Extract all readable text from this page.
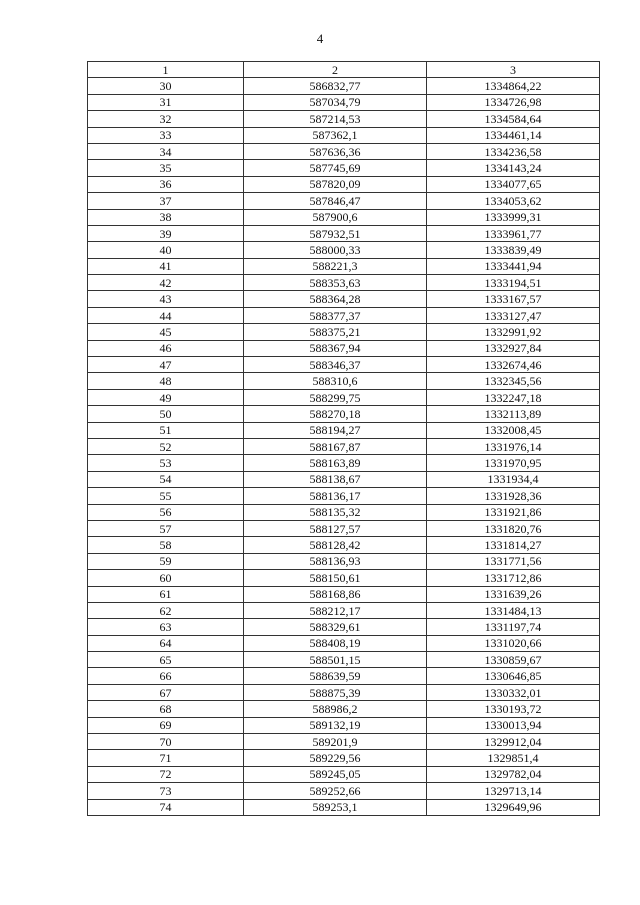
4
1	2	3
30	586832,77	1334864,22
31	587034,79	1334726,98
32	587214,53	1334584,64
33	587362,1	1334461,14
34	587636,36	1334236,58
35	587745,69	1334143,24
36	587820,09	1334077,65
37	587846,47	1334053,62
38	587900,6	1333999,31
39	587932,51	1333961,77
40	588000,33	1333839,49
41	588221,3	1333441,94
42	588353,63	1333194,51
43	588364,28	1333167,57
44	588377,37	1333127,47
45	588375,21	1332991,92
46	588367,94	1332927,84
47	588346,37	1332674,46
48	588310,6	1332345,56
49	588299,75	1332247,18
50	588270,18	1332113,89
51	588194,27	1332008,45
52	588167,87	1331976,14
53	588163,89	1331970,95
54	588138,67	1331934,4
55	588136,17	1331928,36
56	588135,32	1331921,86
57	588127,57	1331820,76
58	588128,42	1331814,27
59	588136,93	1331771,56
60	588150,61	1331712,86
61	588168,86	1331639,26
62	588212,17	1331484,13
63	588329,61	1331197,74
64	588408,19	1331020,66
65	588501,15	1330859,67
66	588639,59	1330646,85
67	588875,39	1330332,01
68	588986,2	1330193,72
69	589132,19	1330013,94
70	589201,9	1329912,04
71	589229,56	1329851,4
72	589245,05	1329782,04
73	589252,66	1329713,14
74	589253,1	1329649,96
